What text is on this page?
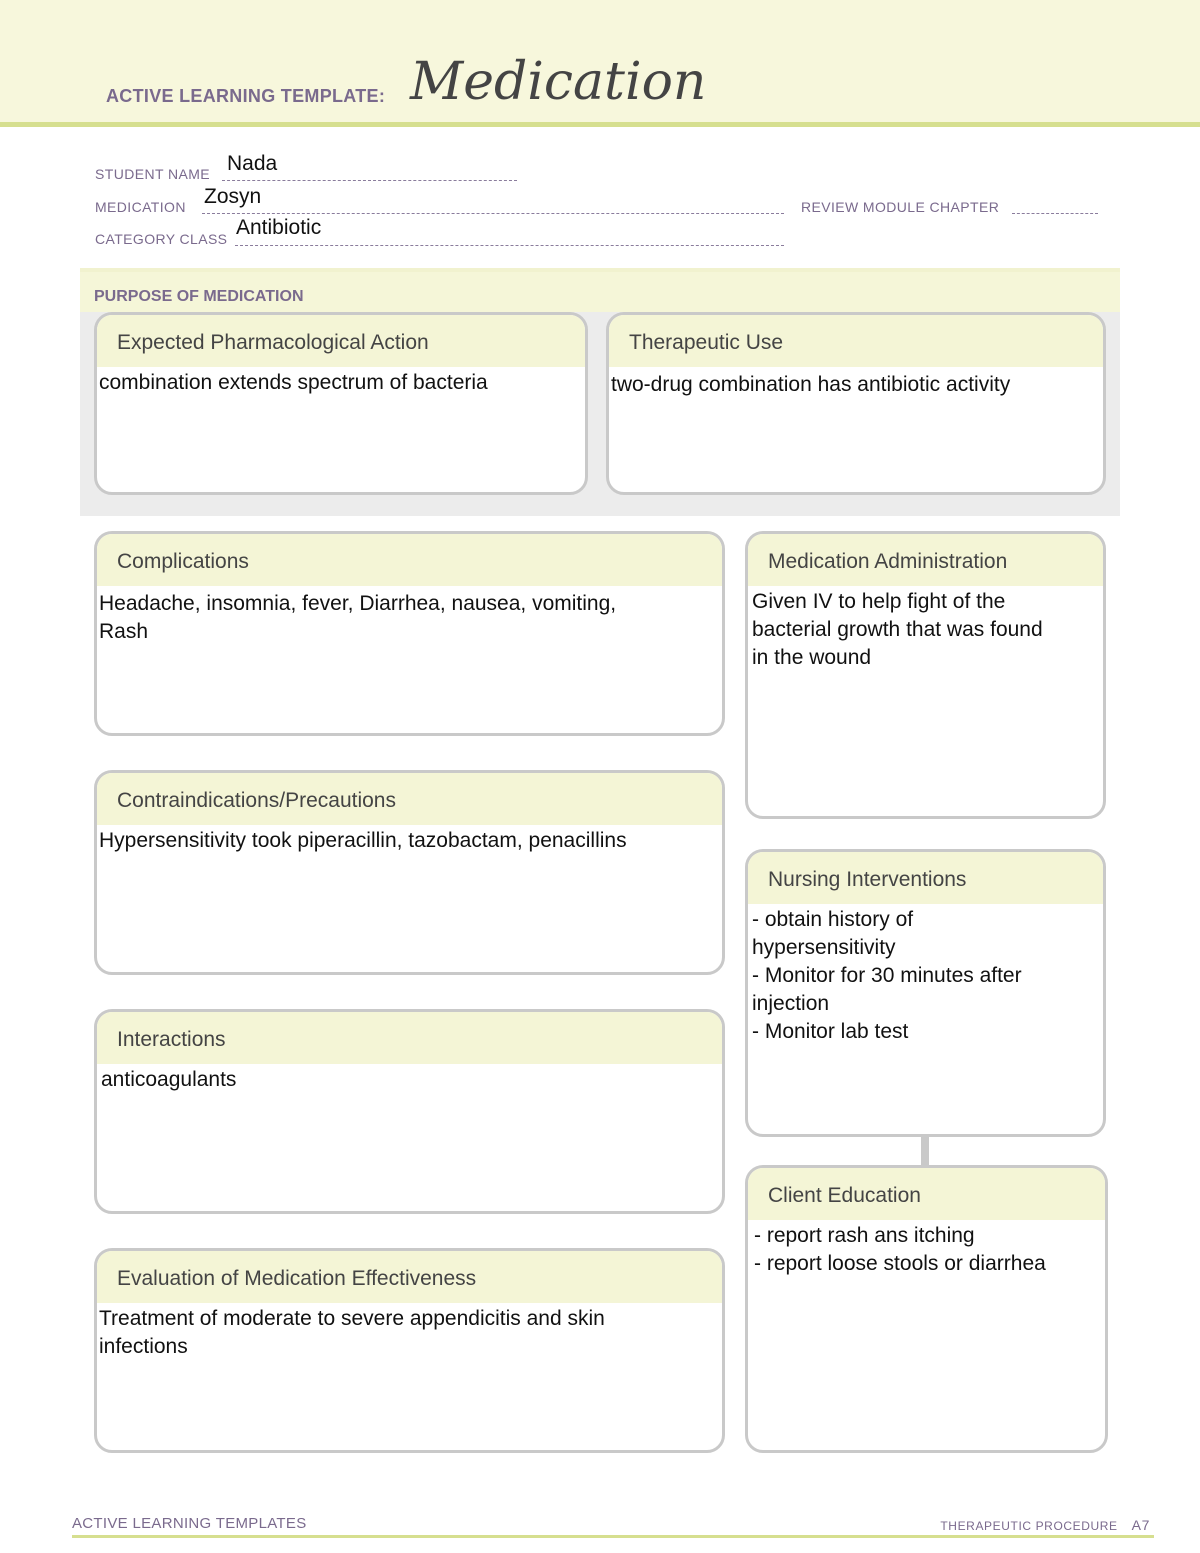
ACTIVE LEARNING TEMPLATE: Medication
STUDENT NAME Nada
MEDICATION Zosyn	REVIEW MODULE CHAPTER
CATEGORY CLASS Antibiotic
PURPOSE OF MEDICATION
Expected Pharmacological Action
combination extends spectrum of bacteria
Therapeutic Use
two-drug combination has antibiotic activity
Complications
Headache, insomnia, fever, Diarrhea, nausea, vomiting,
Rash
Contraindications/Precautions
Hypersensitivity took piperacillin, tazobactam, penacillins
Interactions
anticoagulants
Evaluation of Medication Effectiveness
Treatment of moderate to severe appendicitis and skin
infections
Medication Administration
Given IV to help fight of the
bacterial growth that was found
in the wound
Nursing Interventions
- obtain history of
hypersensitivity
- Monitor for 30 minutes after
injection
- Monitor lab test
Client Education
- report rash ans itching
- report loose stools or diarrhea
ACTIVE LEARNING TEMPLATES	THERAPEUTIC PROCEDURE A7
